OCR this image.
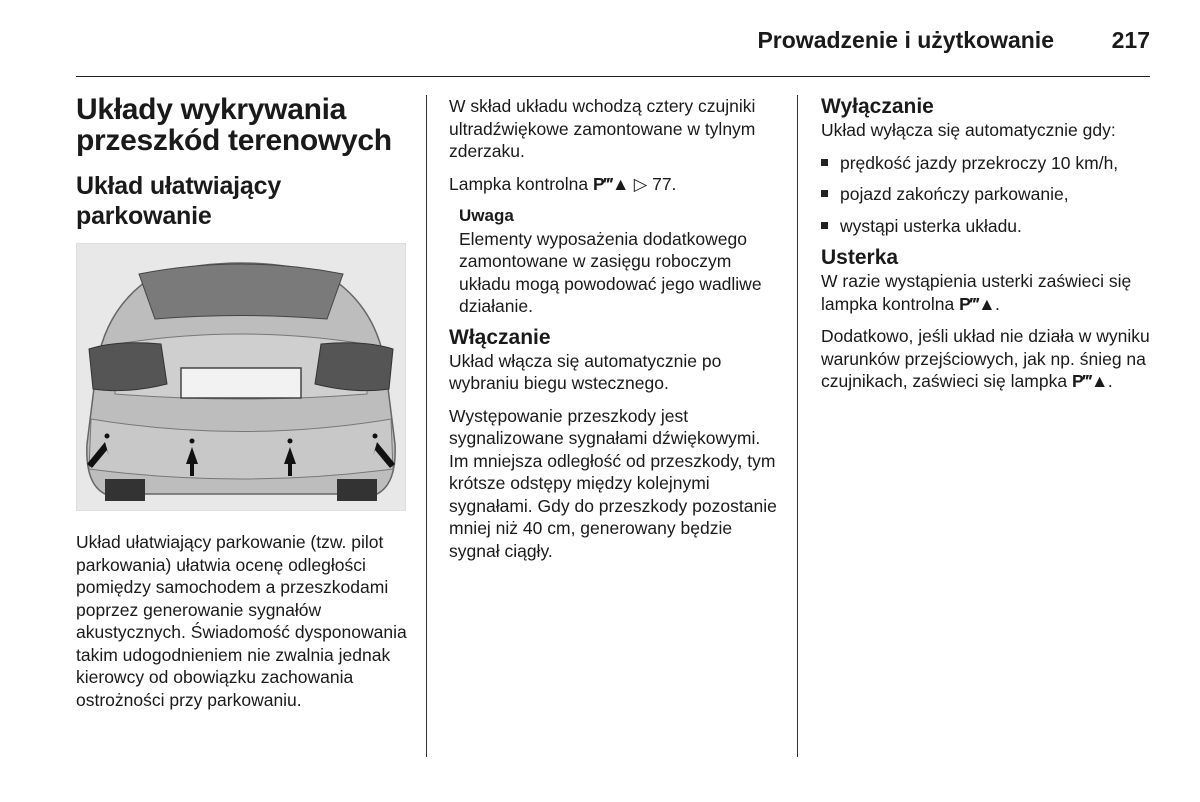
Prowadzenie i użytkowanie	217
Układy wykrywania przeszkód terenowych
Układ ułatwiający parkowanie

Układ ułatwiający parkowanie (tzw. pilot parkowania) ułatwia ocenę odległości pomiędzy samochodem a przeszkodami poprzez generowanie sygnałów akustycznych. Świadomość dysponowania takim udogodnieniem nie zwalnia jednak kierowcy od obowiązku zachowania ostrożności przy parkowaniu.

W skład układu wchodzą cztery czujniki ultradźwiękowe zamontowane w tylnym zderzaku.

Lampka kontrolna P‴▲ ▷ 77.

Uwaga
Elementy wyposażenia dodatkowego zamontowane w zasięgu roboczym układu mogą powodować jego wadliwe działanie.
Włączanie

Układ włącza się automatycznie po wybraniu biegu wstecznego.

Występowanie przeszkody jest sygnalizowane sygnałami dźwiękowymi. Im mniejsza odległość od przeszkody, tym krótsze odstępy między kolejnymi sygnałami. Gdy do przeszkody pozostanie mniej niż 40 cm, generowany będzie sygnał ciągły.

Wyłączanie

Układ wyłącza się automatycznie gdy:

prędkość jazdy przekroczy 10 km/h,
pojazd zakończy parkowanie,
wystąpi usterka układu.
Usterka

W razie wystąpienia usterki zaświeci się lampka kontrolna P‴▲.

Dodatkowo, jeśli układ nie działa w wyniku warunków przejściowych, jak np. śnieg na czujnikach, zaświeci się lampka P‴▲.
